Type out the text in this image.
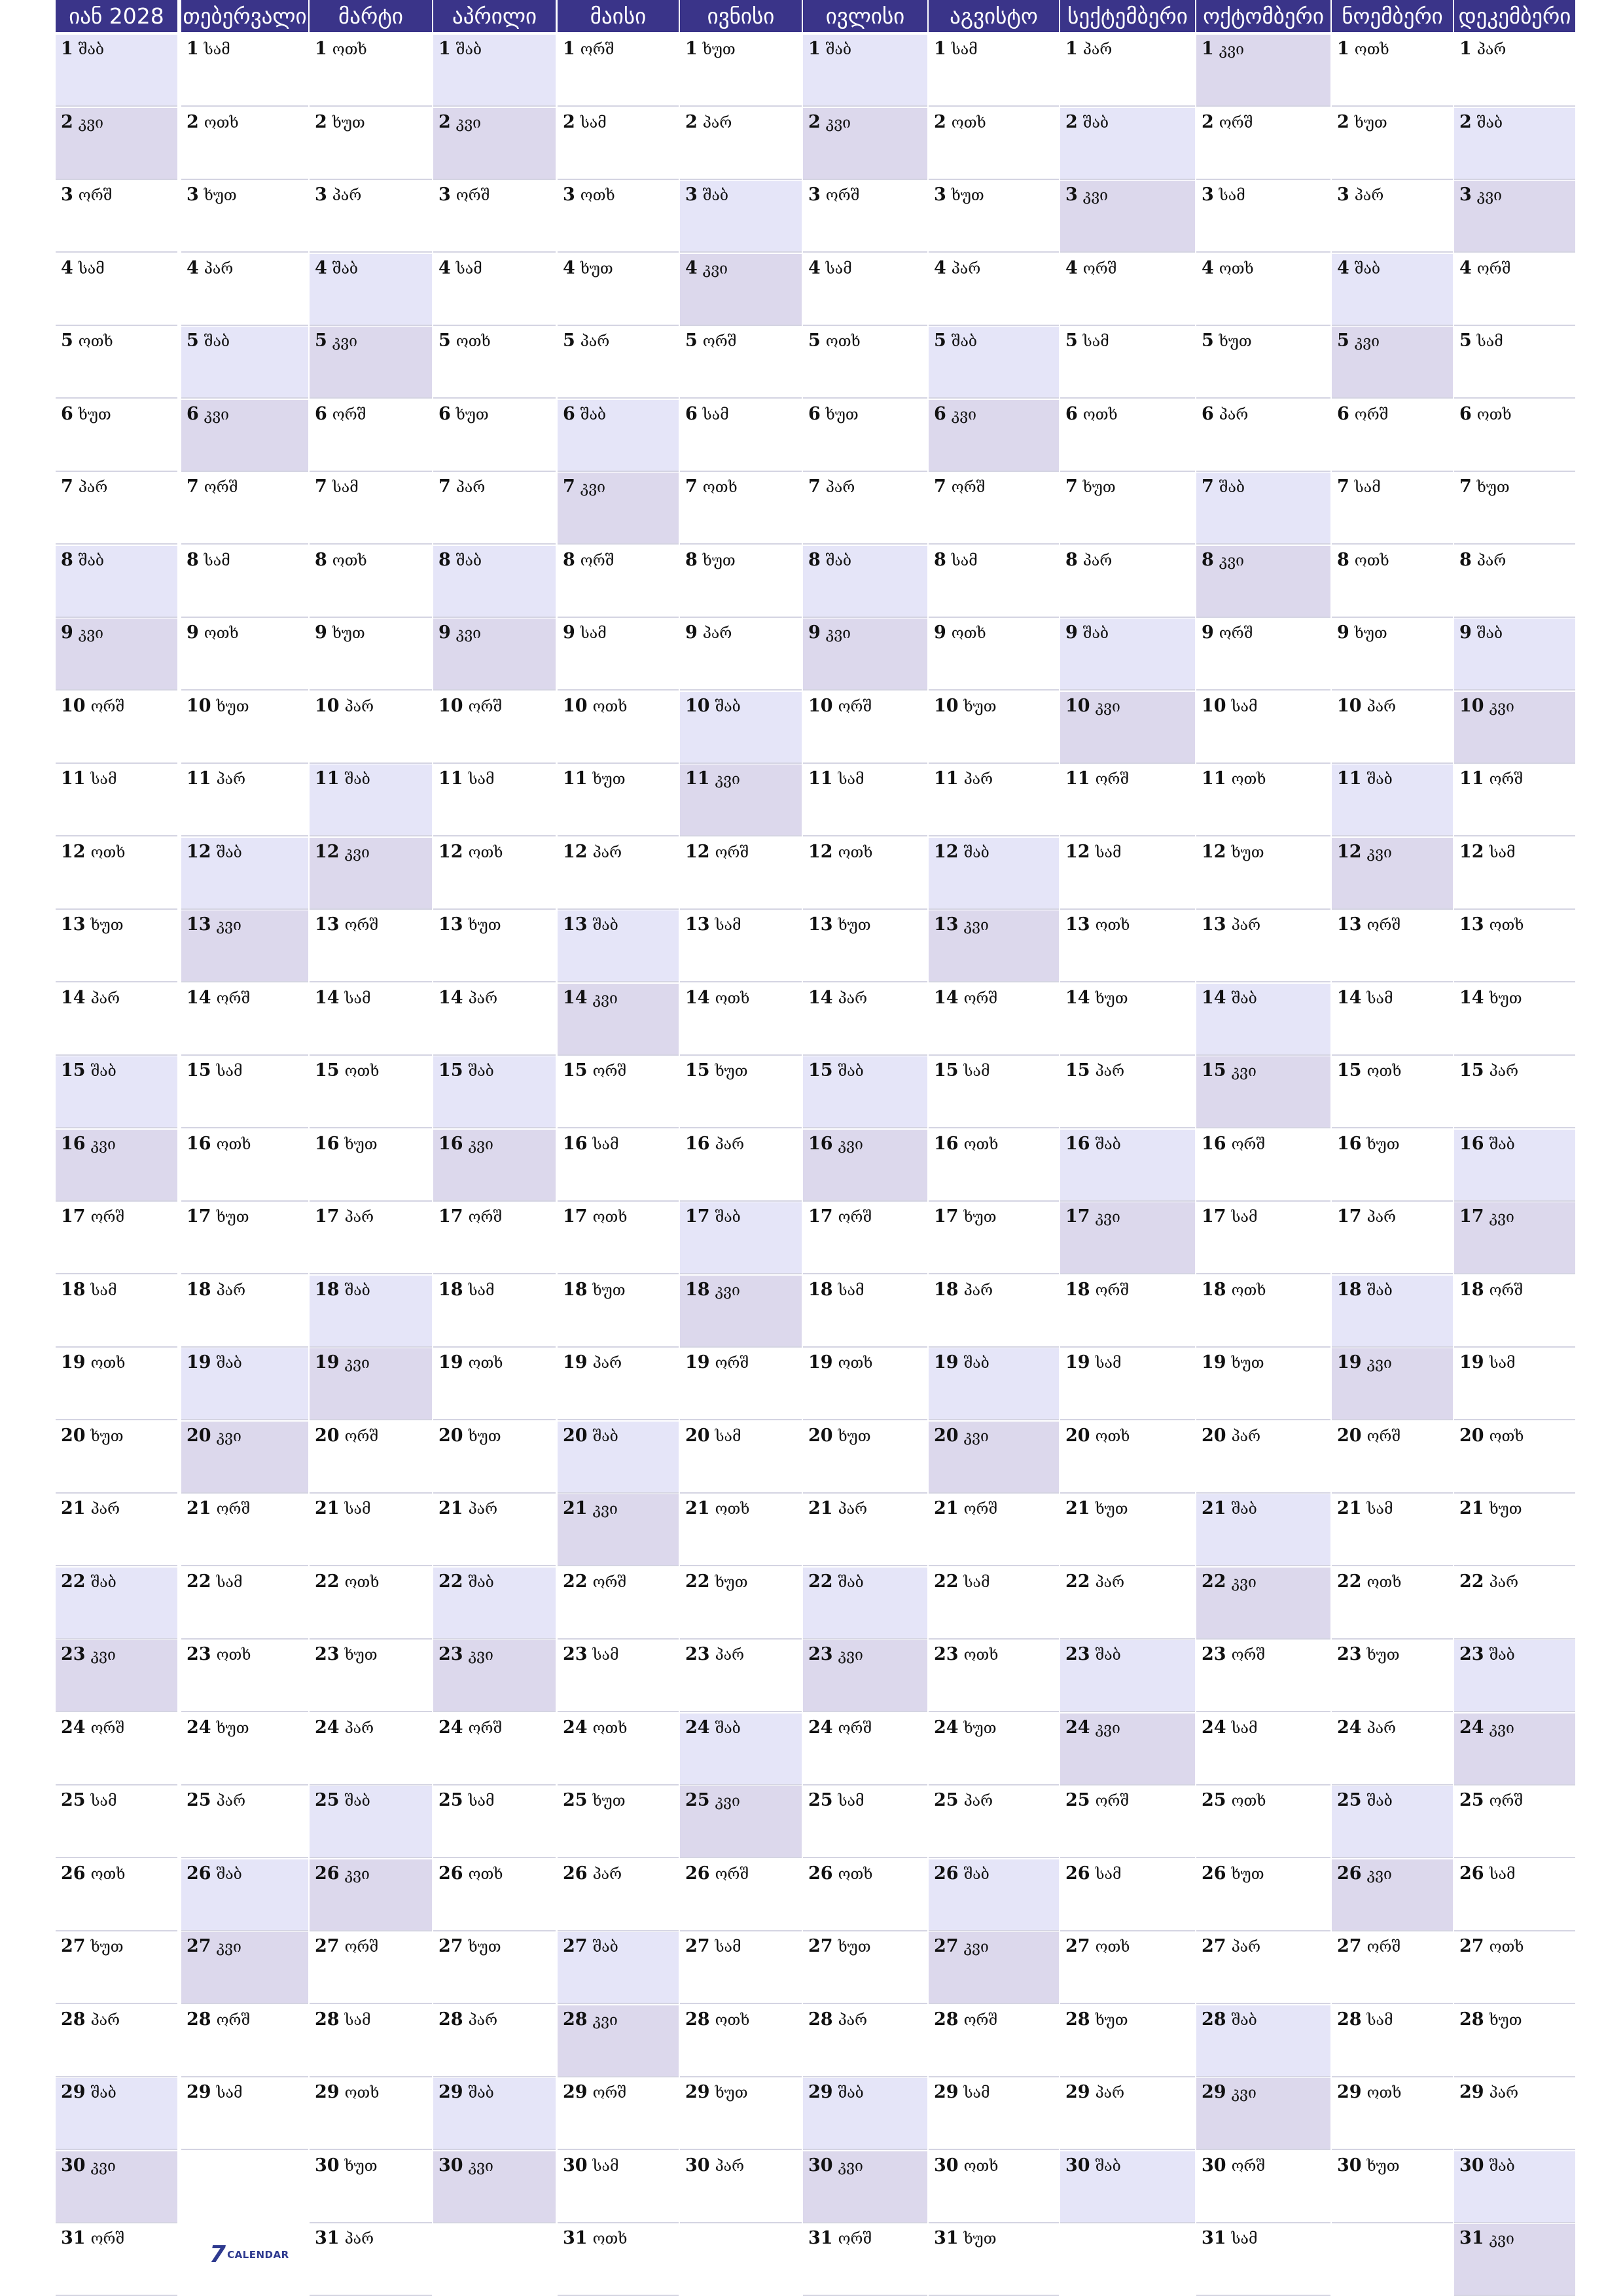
იან 2028
1 შაბ
2 კვი
3 ორშ
4 სამ
5 ოთხ
6 ხუთ
7 პარ
8 შაბ
9 კვი
10 ორშ
11 სამ
12 ოთხ
13 ხუთ
14 პარ
15 შაბ
16 კვი
17 ორშ
18 სამ
19 ოთხ
20 ხუთ
21 პარ
22 შაბ
23 კვი
24 ორშ
25 სამ
26 ოთხ
27 ხუთ
28 პარ
29 შაბ
30 კვი
31 ორშ
თებერვალი
1 სამ
2 ოთხ
3 ხუთ
4 პარ
5 შაბ
6 კვი
7 ორშ
8 სამ
9 ოთხ
10 ხუთ
11 პარ
12 შაბ
13 კვი
14 ორშ
15 სამ
16 ოთხ
17 ხუთ
18 პარ
19 შაბ
20 კვი
21 ორშ
22 სამ
23 ოთხ
24 ხუთ
25 პარ
26 შაბ
27 კვი
28 ორშ
29 სამ
მარტი
1 ოთხ
2 ხუთ
3 პარ
4 შაბ
5 კვი
6 ორშ
7 სამ
8 ოთხ
9 ხუთ
10 პარ
11 შაბ
12 კვი
13 ორშ
14 სამ
15 ოთხ
16 ხუთ
17 პარ
18 შაბ
19 კვი
20 ორშ
21 სამ
22 ოთხ
23 ხუთ
24 პარ
25 შაბ
26 კვი
27 ორშ
28 სამ
29 ოთხ
30 ხუთ
31 პარ
აპრილი
1 შაბ
2 კვი
3 ორშ
4 სამ
5 ოთხ
6 ხუთ
7 პარ
8 შაბ
9 კვი
10 ორშ
11 სამ
12 ოთხ
13 ხუთ
14 პარ
15 შაბ
16 კვი
17 ორშ
18 სამ
19 ოთხ
20 ხუთ
21 პარ
22 შაბ
23 კვი
24 ორშ
25 სამ
26 ოთხ
27 ხუთ
28 პარ
29 შაბ
30 კვი
მაისი
1 ორშ
2 სამ
3 ოთხ
4 ხუთ
5 პარ
6 შაბ
7 კვი
8 ორშ
9 სამ
10 ოთხ
11 ხუთ
12 პარ
13 შაბ
14 კვი
15 ორშ
16 სამ
17 ოთხ
18 ხუთ
19 პარ
20 შაბ
21 კვი
22 ორშ
23 სამ
24 ოთხ
25 ხუთ
26 პარ
27 შაბ
28 კვი
29 ორშ
30 სამ
31 ოთხ
ივნისი
1 ხუთ
2 პარ
3 შაბ
4 კვი
5 ორშ
6 სამ
7 ოთხ
8 ხუთ
9 პარ
10 შაბ
11 კვი
12 ორშ
13 სამ
14 ოთხ
15 ხუთ
16 პარ
17 შაბ
18 კვი
19 ორშ
20 სამ
21 ოთხ
22 ხუთ
23 პარ
24 შაბ
25 კვი
26 ორშ
27 სამ
28 ოთხ
29 ხუთ
30 პარ
ივლისი
1 შაბ
2 კვი
3 ორშ
4 სამ
5 ოთხ
6 ხუთ
7 პარ
8 შაბ
9 კვი
10 ორშ
11 სამ
12 ოთხ
13 ხუთ
14 პარ
15 შაბ
16 კვი
17 ორშ
18 სამ
19 ოთხ
20 ხუთ
21 პარ
22 შაბ
23 კვი
24 ორშ
25 სამ
26 ოთხ
27 ხუთ
28 პარ
29 შაბ
30 კვი
31 ორშ
აგვისტო
1 სამ
2 ოთხ
3 ხუთ
4 პარ
5 შაბ
6 კვი
7 ორშ
8 სამ
9 ოთხ
10 ხუთ
11 პარ
12 შაბ
13 კვი
14 ორშ
15 სამ
16 ოთხ
17 ხუთ
18 პარ
19 შაბ
20 კვი
21 ორშ
22 სამ
23 ოთხ
24 ხუთ
25 პარ
26 შაბ
27 კვი
28 ორშ
29 სამ
30 ოთხ
31 ხუთ
სექტემბერი
1 პარ
2 შაბ
3 კვი
4 ორშ
5 სამ
6 ოთხ
7 ხუთ
8 პარ
9 შაბ
10 კვი
11 ორშ
12 სამ
13 ოთხ
14 ხუთ
15 პარ
16 შაბ
17 კვი
18 ორშ
19 სამ
20 ოთხ
21 ხუთ
22 პარ
23 შაბ
24 კვი
25 ორშ
26 სამ
27 ოთხ
28 ხუთ
29 პარ
30 შაბ
ოქტომბერი
1 კვი
2 ორშ
3 სამ
4 ოთხ
5 ხუთ
6 პარ
7 შაბ
8 კვი
9 ორშ
10 სამ
11 ოთხ
12 ხუთ
13 პარ
14 შაბ
15 კვი
16 ორშ
17 სამ
18 ოთხ
19 ხუთ
20 პარ
21 შაბ
22 კვი
23 ორშ
24 სამ
25 ოთხ
26 ხუთ
27 პარ
28 შაბ
29 კვი
30 ორშ
31 სამ
ნოემბერი
1 ოთხ
2 ხუთ
3 პარ
4 შაბ
5 კვი
6 ორშ
7 სამ
8 ოთხ
9 ხუთ
10 პარ
11 შაბ
12 კვი
13 ორშ
14 სამ
15 ოთხ
16 ხუთ
17 პარ
18 შაბ
19 კვი
20 ორშ
21 სამ
22 ოთხ
23 ხუთ
24 პარ
25 შაბ
26 კვი
27 ორშ
28 სამ
29 ოთხ
30 ხუთ
დეკემბერი
1 პარ
2 შაბ
3 კვი
4 ორშ
5 სამ
6 ოთხ
7 ხუთ
8 პარ
9 შაბ
10 კვი
11 ორშ
12 სამ
13 ოთხ
14 ხუთ
15 პარ
16 შაბ
17 კვი
18 ორშ
19 სამ
20 ოთხ
21 ხუთ
22 პარ
23 შაბ
24 კვი
25 ორშ
26 სამ
27 ოთხ
28 ხუთ
29 პარ
30 შაბ
31 კვი
7 CALENDAR
